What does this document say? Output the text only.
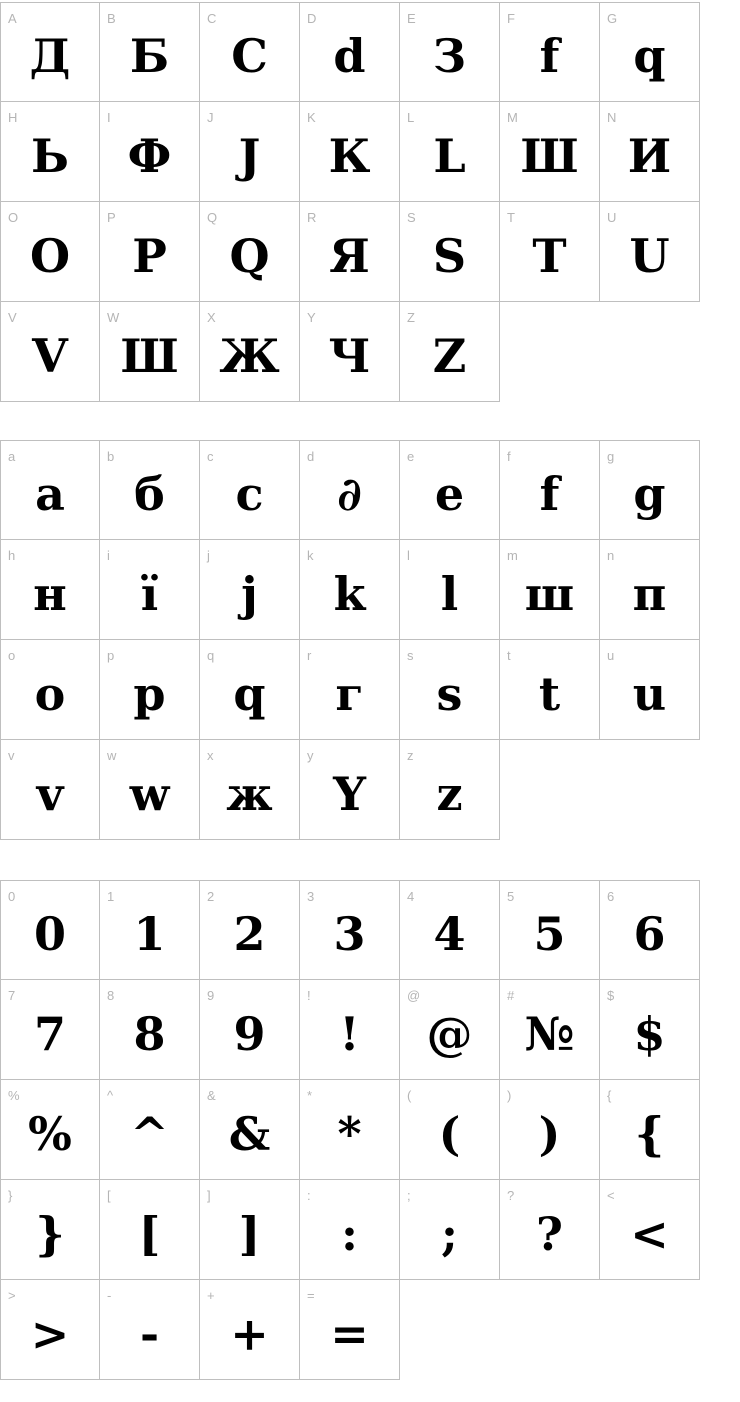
A
Д
B
Б
C
С
D
d
E
З
F
f
G
q
H
Ь
I
Ф
J
Ј
K
К
L
L
M
Ш
N
И
O
О
P
Р
Q
Q
R
Я
S
S
T
Т
U
U
V
V
W
Ш
X
Ж
Y
Ч
Z
Z
a
а
b
б
c
с
d
∂
e
е
f
f
g
g
h
н
i
ї
j
ј
k
k
l
l
m
ш
n
п
o
о
p
р
q
q
r
г
s
s
t
t
u
u
v
v
w
w
x
ж
y
Y
z
z
0
0
1
1
2
2
3
3
4
4
5
5
6
6
7
7
8
8
9
9
!
!
@
@
#
№
$
$
%
%
^
^
&
&
*
*
(
(
)
)
{
{
}
}
[
[
]
]
:
:
;
;
?
?
<
<
>
>
-
-
+
+
=
=
